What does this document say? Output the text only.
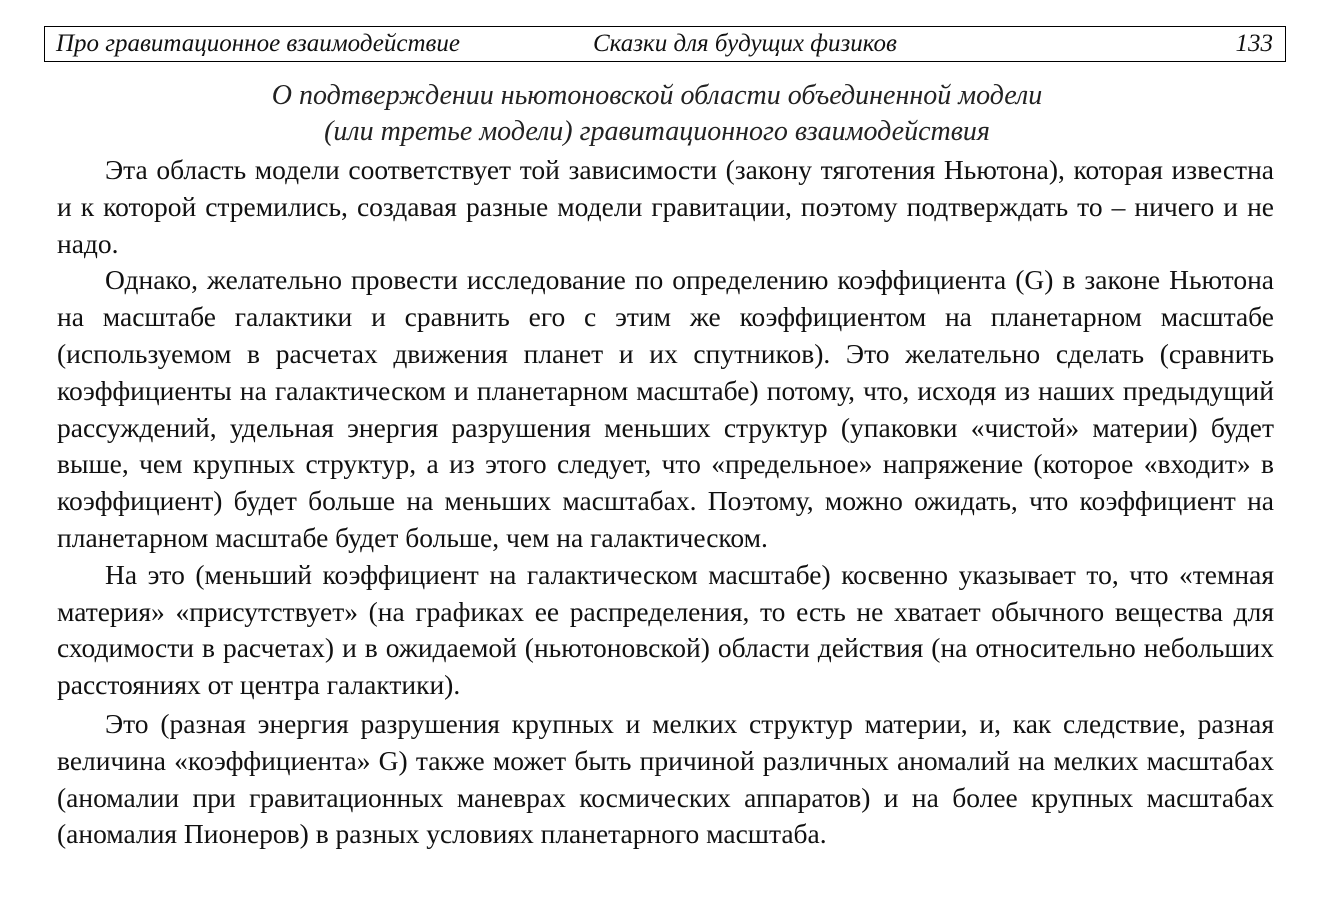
Про гравитационное взаимодействие	Сказки для будущих физиков	133
О подтверждении ньютоновской области объединенной модели
(или третье модели) гравитационного взаимодействия

Эта область модели соответствует той зависимости (закону тяготения Ньютона), которая известна и к которой стремились, создавая разные модели гравитации, поэтому подтверждать то – ничего и не надо.

Однако, желательно провести исследование по определению коэффициента (G) в законе Ньютона на масштабе галактики и сравнить его с этим же коэффициентом на планетарном масштабе (используемом в расчетах движения планет и их спутников). Это желательно сделать (сравнить коэффициенты на галактическом и планетарном масштабе) потому, что, исходя из наших предыдущий рассуждений, удельная энергия разрушения меньших структур (упаковки «чистой» материи) будет выше, чем крупных структур, а из этого следует, что «предельное» напряжение (которое «входит» в коэффициент) будет больше на меньших масштабах. Поэтому, можно ожидать, что коэффициент на планетарном масштабе будет больше, чем на галактическом.

На это (меньший коэффициент на галактическом масштабе) косвенно указывает то, что «темная материя» «присутствует» (на графиках ее распределения, то есть не хватает обычного вещества для сходимости в расчетах) и в ожидаемой (ньютоновской) области действия (на относительно небольших расстояниях от центра галактики).

Это (разная энергия разрушения крупных и мелких структур материи, и, как следствие, разная величина «коэффициента» G) также может быть причиной различных аномалий на мелких масштабах (аномалии при гравитационных маневрах космических аппаратов) и на более крупных масштабах (аномалия Пионеров) в разных условиях планетарного масштаба.
